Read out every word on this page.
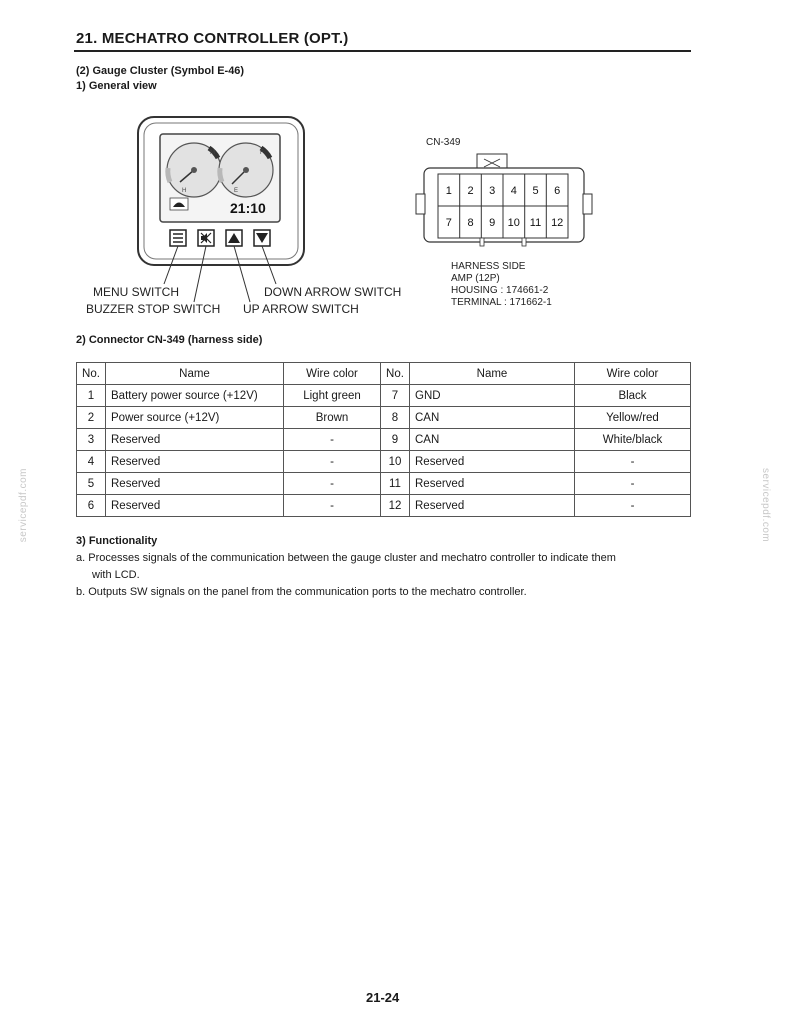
21. MECHATRO CONTROLLER (OPT.)
(2) Gauge Cluster (Symbol E-46)
1) General view
M
H
F
E
21:10
MENU SWITCH
BUZZER STOP SWITCH
DOWN ARROW SWITCH
UP ARROW SWITCH
CN-349
1 2 3 4 5 6
7 8 9 10 11 12
HARNESS SIDE
AMP (12P)
HOUSING : 174661-2
TERMINAL : 171662-1
2) Connector CN-349 (harness side)
No.	Name	Wire color	No.	Name	Wire color
1	Battery power source (+12V)	Light green	7	GND	Black
2	Power source (+12V)	Brown	8	CAN	Yellow/red
3	Reserved	-	9	CAN	White/black
4	Reserved	-	10	Reserved	-
5	Reserved	-	11	Reserved	-
6	Reserved	-	12	Reserved	-

3) Functionality

a. Processes signals of the communication between the gauge cluster and mechatro controller to indicate them

with LCD.

b. Outputs SW signals on the panel from the communication ports to the mechatro controller.

servicepdf.com	servicepdf.com
21-24
